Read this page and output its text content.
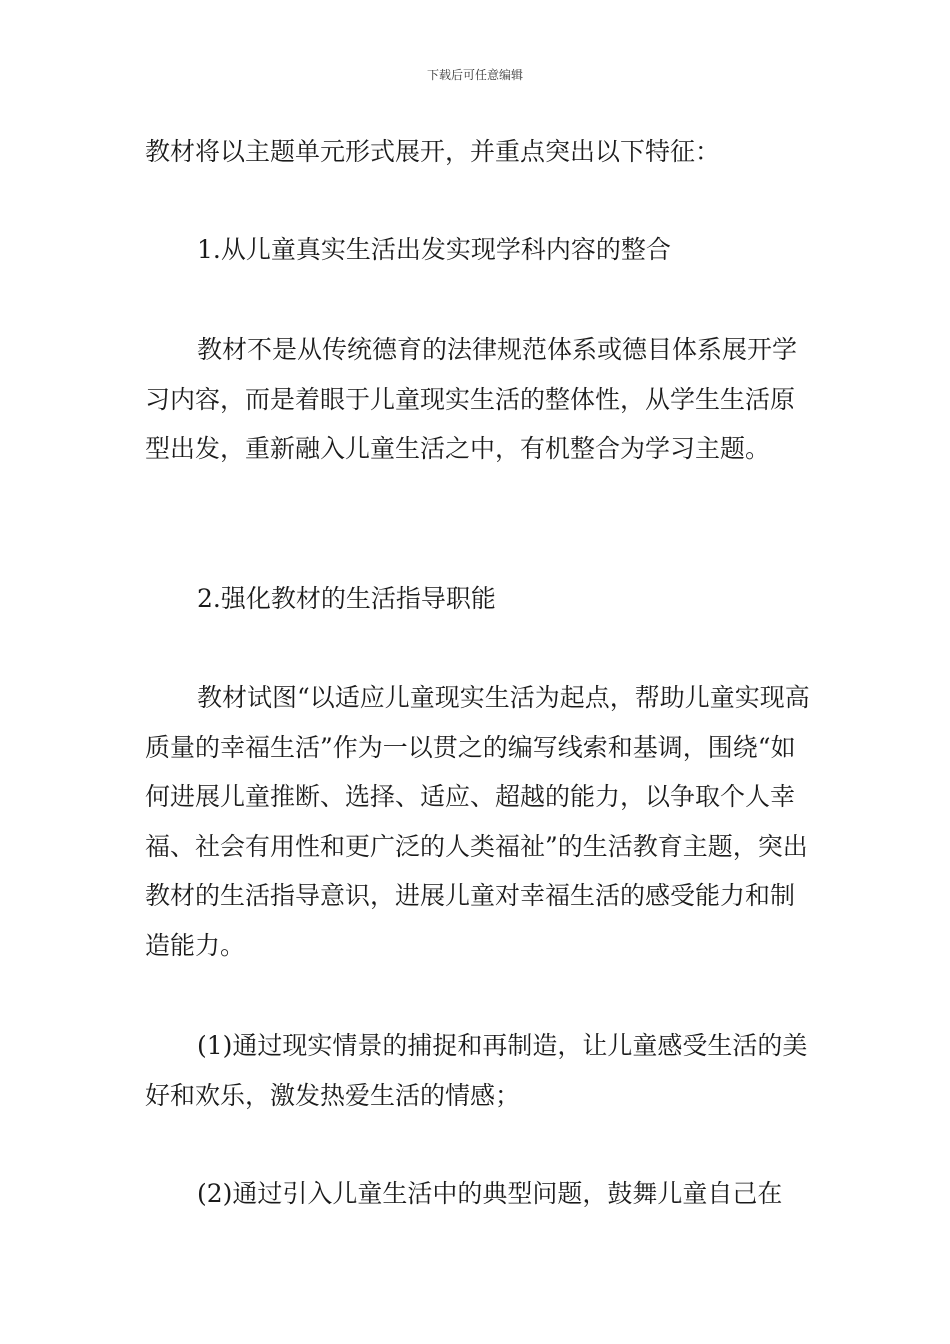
下载后可任意编辑

教材将以主题单元形式展开，并重点突出以下特征：

1.从儿童真实生活出发实现学科内容的整合

教材不是从传统德育的法律规范体系或德目体系展开学习内容，而是着眼于儿童现实生活的整体性，从学生生活原型出发，重新融入儿童生活之中，有机整合为学习主题。

2.强化教材的生活指导职能

教材试图“以适应儿童现实生活为起点，帮助儿童实现高质量的幸福生活”作为一以贯之的编写线索和基调，围绕“如何进展儿童推断、选择、适应、超越的能力，以争取个人幸福、社会有用性和更广泛的人类福祉”的生活教育主题，突出教材的生活指导意识，进展儿童对幸福生活的感受能力和制造能力。

(1)通过现实情景的捕捉和再制造，让儿童感受生活的美好和欢乐，激发热爱生活的情感；

(2)通过引入儿童生活中的典型问题，鼓舞儿童自己在
